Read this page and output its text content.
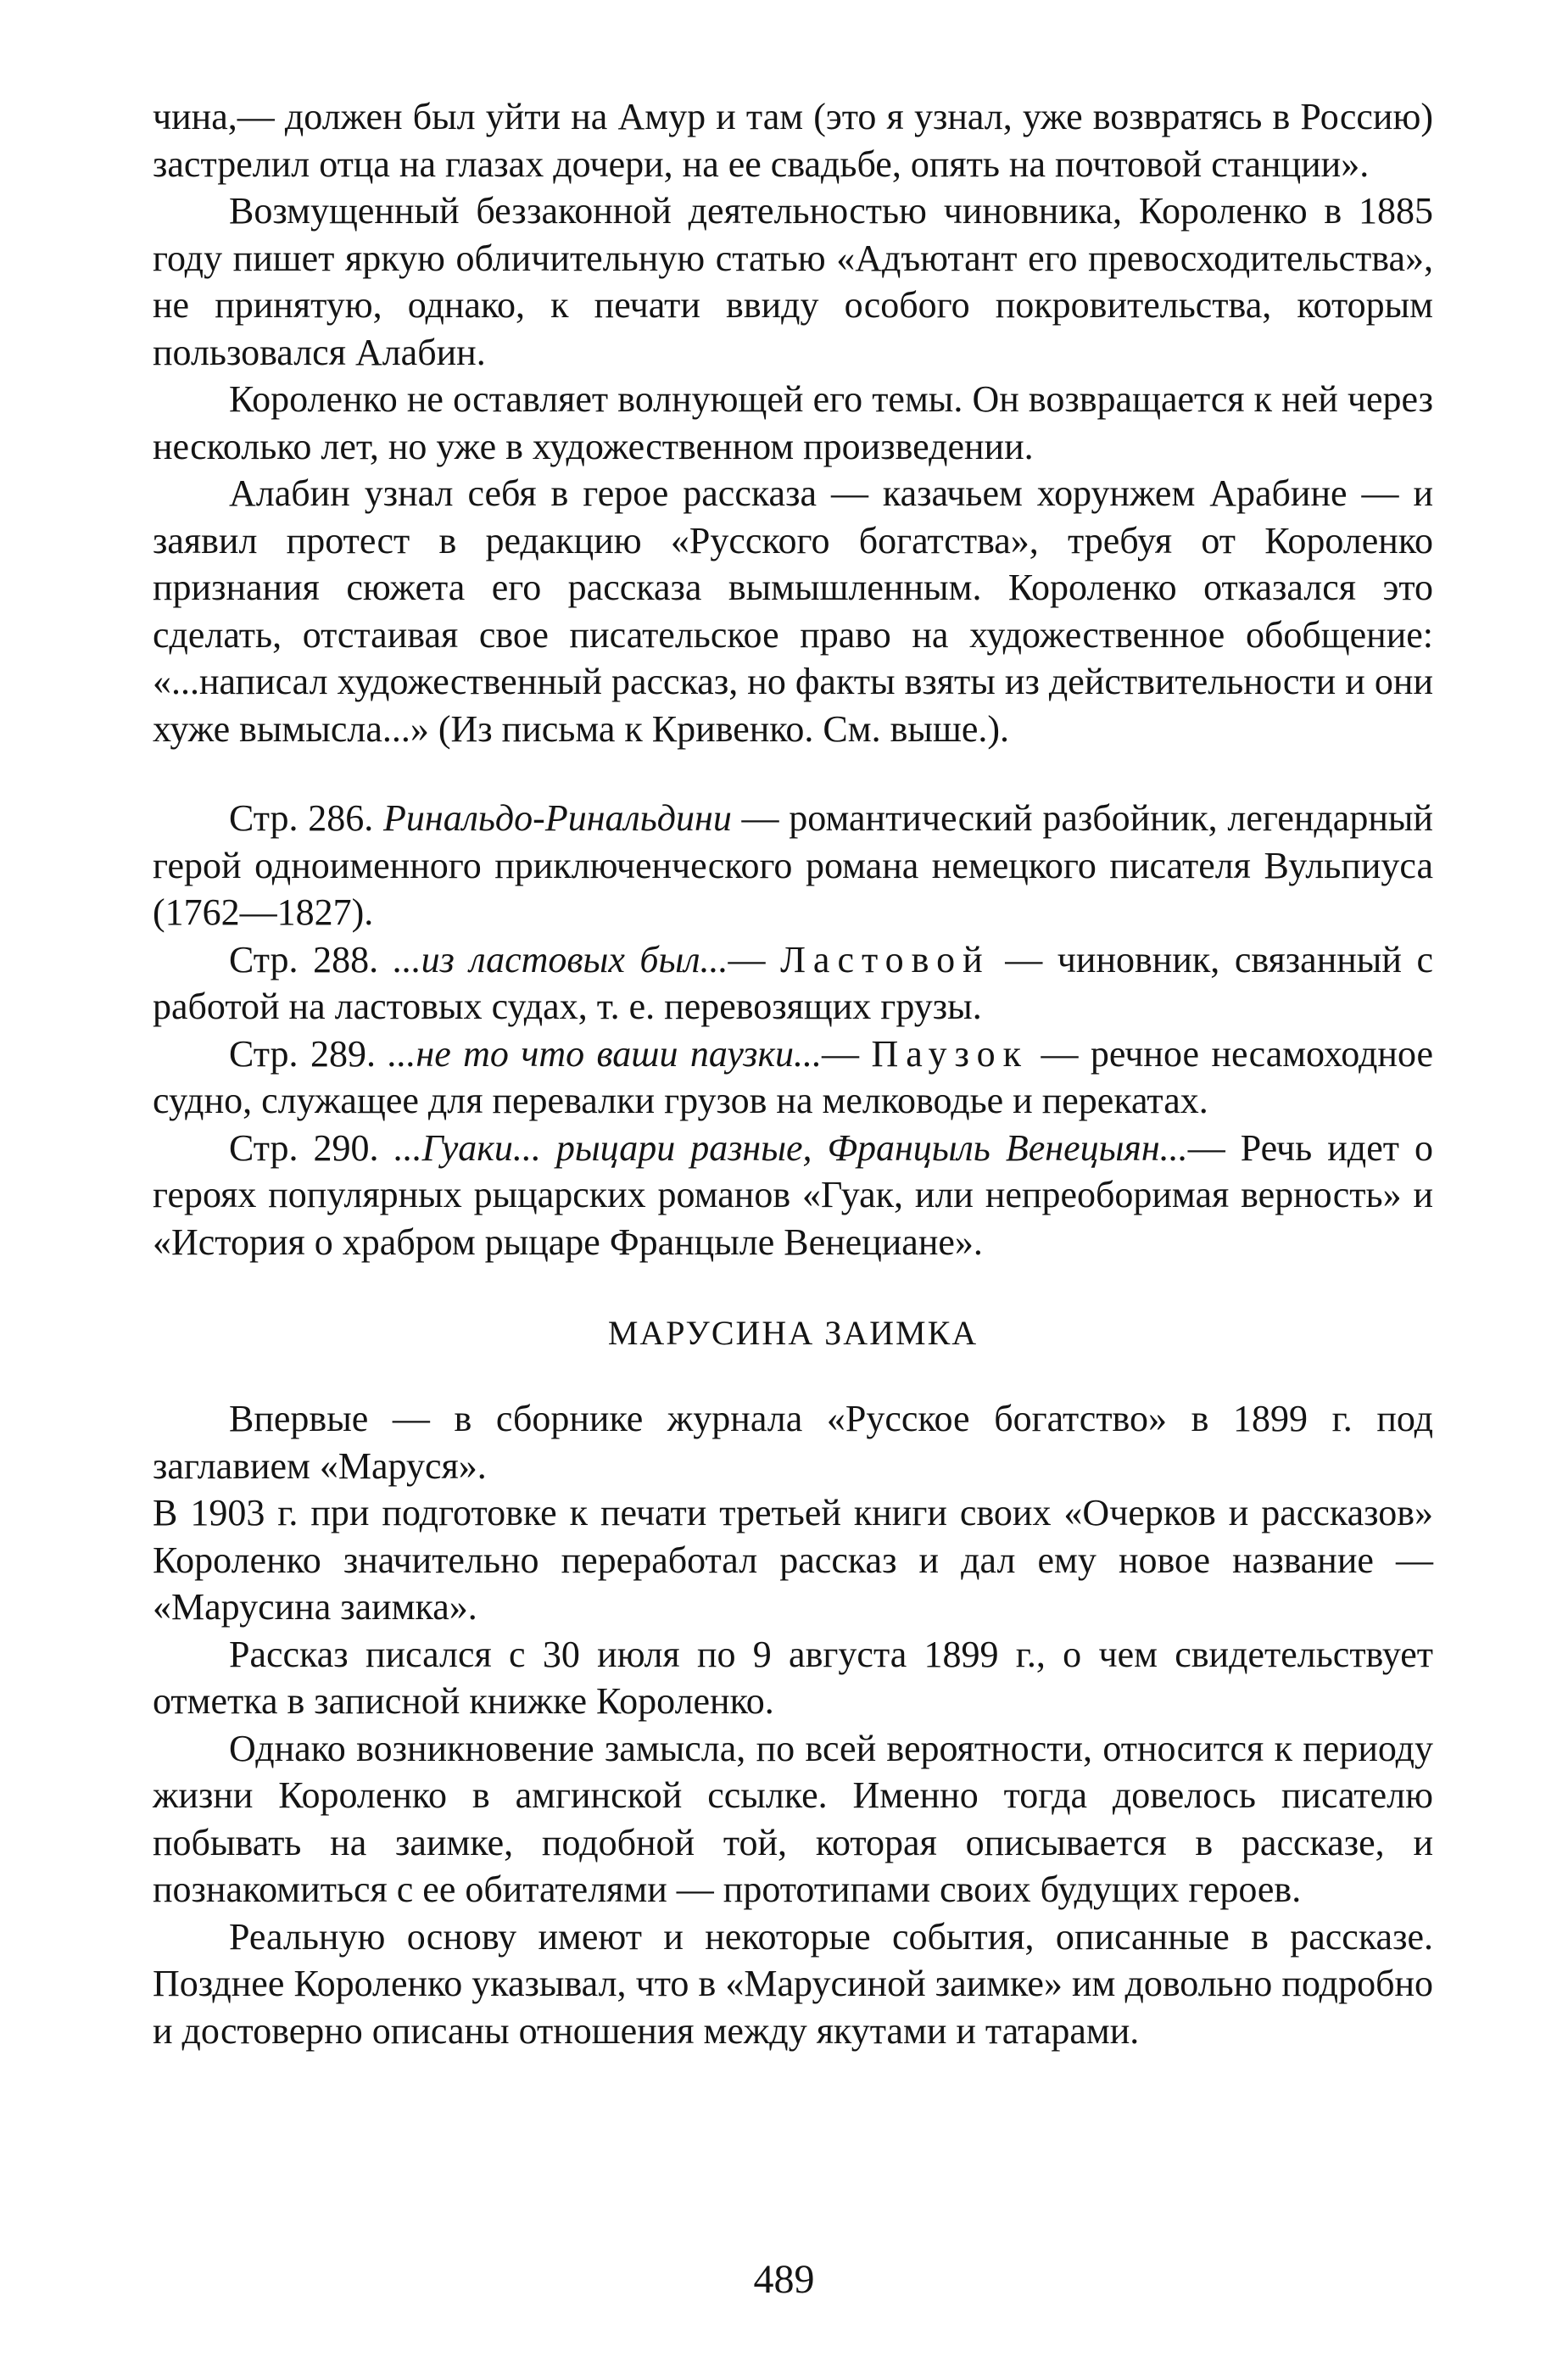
чина,— должен был уйти на Амур и там (это я узнал, уже возвратясь в Россию) застрелил отца на глазах дочери, на ее свадьбе, опять на почтовой станции».

Возмущенный беззаконной деятельностью чиновника, Короленко в 1885 году пишет яркую обличительную статью «Адъютант его превосходительства», не принятую, однако, к печати ввиду особого покровительства, которым пользовался Алабин.

Короленко не оставляет волнующей его темы. Он возвращается к ней через несколько лет, но уже в художественном произведении.

Алабин узнал себя в герое рассказа — казачьем хорунжем Арабине — и заявил протест в редакцию «Русского богатства», требуя от Короленко признания сюжета его рассказа вымышленным. Короленко отказался это сделать, отстаивая свое писательское право на художественное обобщение: «...написал художественный рассказ, но факты взяты из действительности и они хуже вымысла...» (Из письма к Кривенко. См. выше.).

Стр. 286. Ринальдо-Ринальдини — романтический разбойник, легендарный герой одноименного приключенческого романа немецкого писателя Вульпиуса (1762—1827).

Стр. 288. ...из ластовых был...— Ластовой — чиновник, связанный с работой на ластовых судах, т. е. перевозящих грузы.

Стр. 289. ...не то что ваши паузки...— Паузок — речное несамоходное судно, служащее для перевалки грузов на мелководье и перекатах.

Стр. 290. ...Гуаки... рыцари разные, Францыль Венецыян...— Речь идет о героях популярных рыцарских романов «Гуак, или непреоборимая верность» и «История о храбром рыцаре Францыле Венециане».

МАРУСИНА ЗАИМКА

Впервые — в сборнике журнала «Русское богатство» в 1899 г. под заглавием «Маруся».

В 1903 г. при подготовке к печати третьей книги своих «Очерков и рассказов» Короленко значительно переработал рассказ и дал ему новое название — «Марусина заимка».

Рассказ писался с 30 июля по 9 августа 1899 г., о чем свидетельствует отметка в записной книжке Короленко.

Однако возникновение замысла, по всей вероятности, относится к периоду жизни Короленко в амгинской ссылке. Именно тогда довелось писателю побывать на заимке, подобной той, которая описывается в рассказе, и познакомиться с ее обитателями — прототипами своих будущих героев.

Реальную основу имеют и некоторые события, описанные в рассказе. Позднее Короленко указывал, что в «Марусиной заимке» им довольно подробно и достоверно описаны отношения между якутами и татарами.

489
